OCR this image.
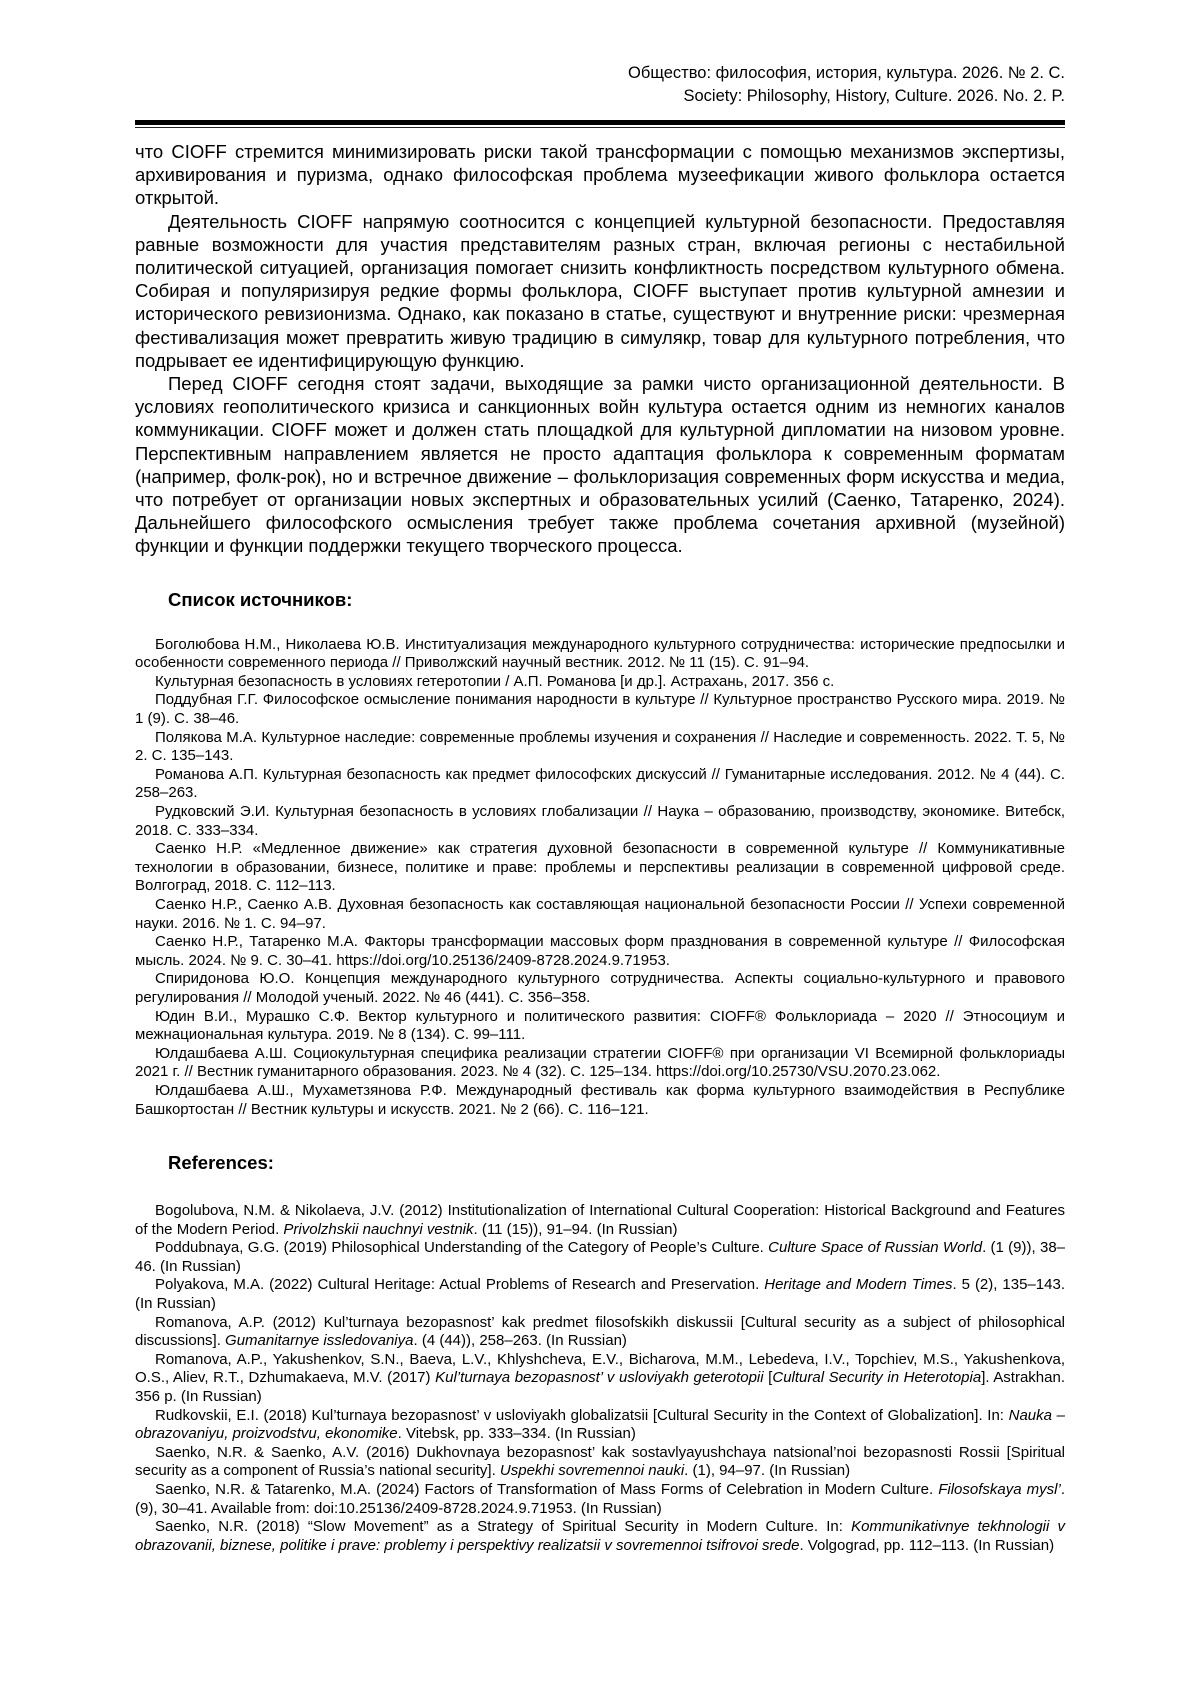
Общество: философия, история, культура. 2026. № 2. С.
Society: Philosophy, History, Culture. 2026. No. 2. P.

что CIOFF стремится минимизировать риски такой трансформации с помощью механизмов экспертизы, архивирования и пуризма, однако философская проблема музеефикации живого фольклора остается открытой.

Деятельность CIOFF напрямую соотносится с концепцией культурной безопасности. Предоставляя равные возможности для участия представителям разных стран, включая регионы с нестабильной политической ситуацией, организация помогает снизить конфликтность посредством культурного обмена. Собирая и популяризируя редкие формы фольклора, CIOFF выступает против культурной амнезии и исторического ревизионизма. Однако, как показано в статье, существуют и внутренние риски: чрезмерная фестивализация может превратить живую традицию в симулякр, товар для культурного потребления, что подрывает ее идентифицирующую функцию.

Перед CIOFF сегодня стоят задачи, выходящие за рамки чисто организационной деятельности. В условиях геополитического кризиса и санкционных войн культура остается одним из немногих каналов коммуникации. CIOFF может и должен стать площадкой для культурной дипломатии на низовом уровне. Перспективным направлением является не просто адаптация фольклора к современным форматам (например, фолк-рок), но и встречное движение – фольклоризация современных форм искусства и медиа, что потребует от организации новых экспертных и образовательных усилий (Саенко, Татаренко, 2024). Дальнейшего философского осмысления требует также проблема сочетания архивной (музейной) функции и функции поддержки текущего творческого процесса.

Список источников:

Боголюбова Н.М., Николаева Ю.В. Институализация международного культурного сотрудничества: исторические предпосылки и особенности современного периода // Приволжский научный вестник. 2012. № 11 (15). С. 91–94.

Культурная безопасность в условиях гетеротопии / А.П. Романова [и др.]. Астрахань, 2017. 356 с.

Поддубная Г.Г. Философское осмысление понимания народности в культуре // Культурное пространство Русского мира. 2019. № 1 (9). С. 38–46.

Полякова М.А. Культурное наследие: современные проблемы изучения и сохранения // Наследие и современность. 2022. Т. 5, № 2. С. 135–143.

Романова А.П. Культурная безопасность как предмет философских дискуссий // Гуманитарные исследования. 2012. № 4 (44). С. 258–263.

Рудковский Э.И. Культурная безопасность в условиях глобализации // Наука – образованию, производству, экономике. Витебск, 2018. С. 333–334.

Саенко Н.Р. «Медленное движение» как стратегия духовной безопасности в современной культуре // Коммуникативные технологии в образовании, бизнесе, политике и праве: проблемы и перспективы реализации в современной цифровой среде. Волгоград, 2018. С. 112–113.

Саенко Н.Р., Саенко А.В. Духовная безопасность как составляющая национальной безопасности России // Успехи современной науки. 2016. № 1. С. 94–97.

Саенко Н.Р., Татаренко М.А. Факторы трансформации массовых форм празднования в современной культуре // Философская мысль. 2024. № 9. С. 30–41. https://doi.org/10.25136/2409-8728.2024.9.71953.

Спиридонова Ю.О. Концепция международного культурного сотрудничества. Аспекты социально-культурного и правового регулирования // Молодой ученый. 2022. № 46 (441). С. 356–358.

Юдин В.И., Мурашко С.Ф. Вектор культурного и политического развития: CIOFF® Фольклориада – 2020 // Этносоциум и межнациональная культура. 2019. № 8 (134). С. 99–111.

Юлдашбаева А.Ш. Социокультурная специфика реализации стратегии CIOFF® при организации VI Всемирной фольклориады 2021 г. // Вестник гуманитарного образования. 2023. № 4 (32). С. 125–134. https://doi.org/10.25730/VSU.2070.23.062.

Юлдашбаева А.Ш., Мухаметзянова Р.Ф. Международный фестиваль как форма культурного взаимодействия в Республике Башкортостан // Вестник культуры и искусств. 2021. № 2 (66). С. 116–121.

References:

Bogolubova, N.M. & Nikolaeva, J.V. (2012) Institutionalization of International Cultural Cooperation: Historical Background and Features of the Modern Period. Privolzhskii nauchnyi vestnik. (11 (15)), 91–94. (In Russian)

Poddubnaya, G.G. (2019) Philosophical Understanding of the Category of People’s Culture. Culture Space of Russian World. (1 (9)), 38–46. (In Russian)

Polyakova, M.A. (2022) Cultural Heritage: Actual Problems of Research and Preservation. Heritage and Modern Times. 5 (2), 135–143. (In Russian)

Romanova, A.P. (2012) Kul’turnaya bezopasnost’ kak predmet filosofskikh diskussii [Cultural security as a subject of philosophical discussions]. Gumanitarnye issledovaniya. (4 (44)), 258–263. (In Russian)

Romanova, A.P., Yakushenkov, S.N., Baeva, L.V., Khlyshcheva, E.V., Bicharova, M.M., Lebedeva, I.V., Topchiev, M.S., Yakushenkova, O.S., Aliev, R.T., Dzhumakaeva, M.V. (2017) Kul’turnaya bezopasnost’ v usloviyakh geterotopii [Cultural Security in Heterotopia]. Astrakhan. 356 p. (In Russian)

Rudkovskii, E.I. (2018) Kul’turnaya bezopasnost’ v usloviyakh globalizatsii [Cultural Security in the Context of Globalization]. In: Nauka – obrazovaniyu, proizvodstvu, ekonomike. Vitebsk, pp. 333–334. (In Russian)

Saenko, N.R. & Saenko, A.V. (2016) Dukhovnaya bezopasnost’ kak sostavlyayushchaya natsional’noi bezopasnosti Rossii [Spiritual security as a component of Russia’s national security]. Uspekhi sovremennoi nauki. (1), 94–97. (In Russian)

Saenko, N.R. & Tatarenko, M.A. (2024) Factors of Transformation of Mass Forms of Celebration in Modern Culture. Filosofskaya mysl’. (9), 30–41. Available from: doi:10.25136/2409-8728.2024.9.71953. (In Russian)

Saenko, N.R. (2018) “Slow Movement” as a Strategy of Spiritual Security in Modern Culture. In: Kommunikativnye tekhnologii v obrazovanii, biznese, politike i prave: problemy i perspektivy realizatsii v sovremennoi tsifrovoi srede. Volgograd, pp. 112–113. (In Russian)
